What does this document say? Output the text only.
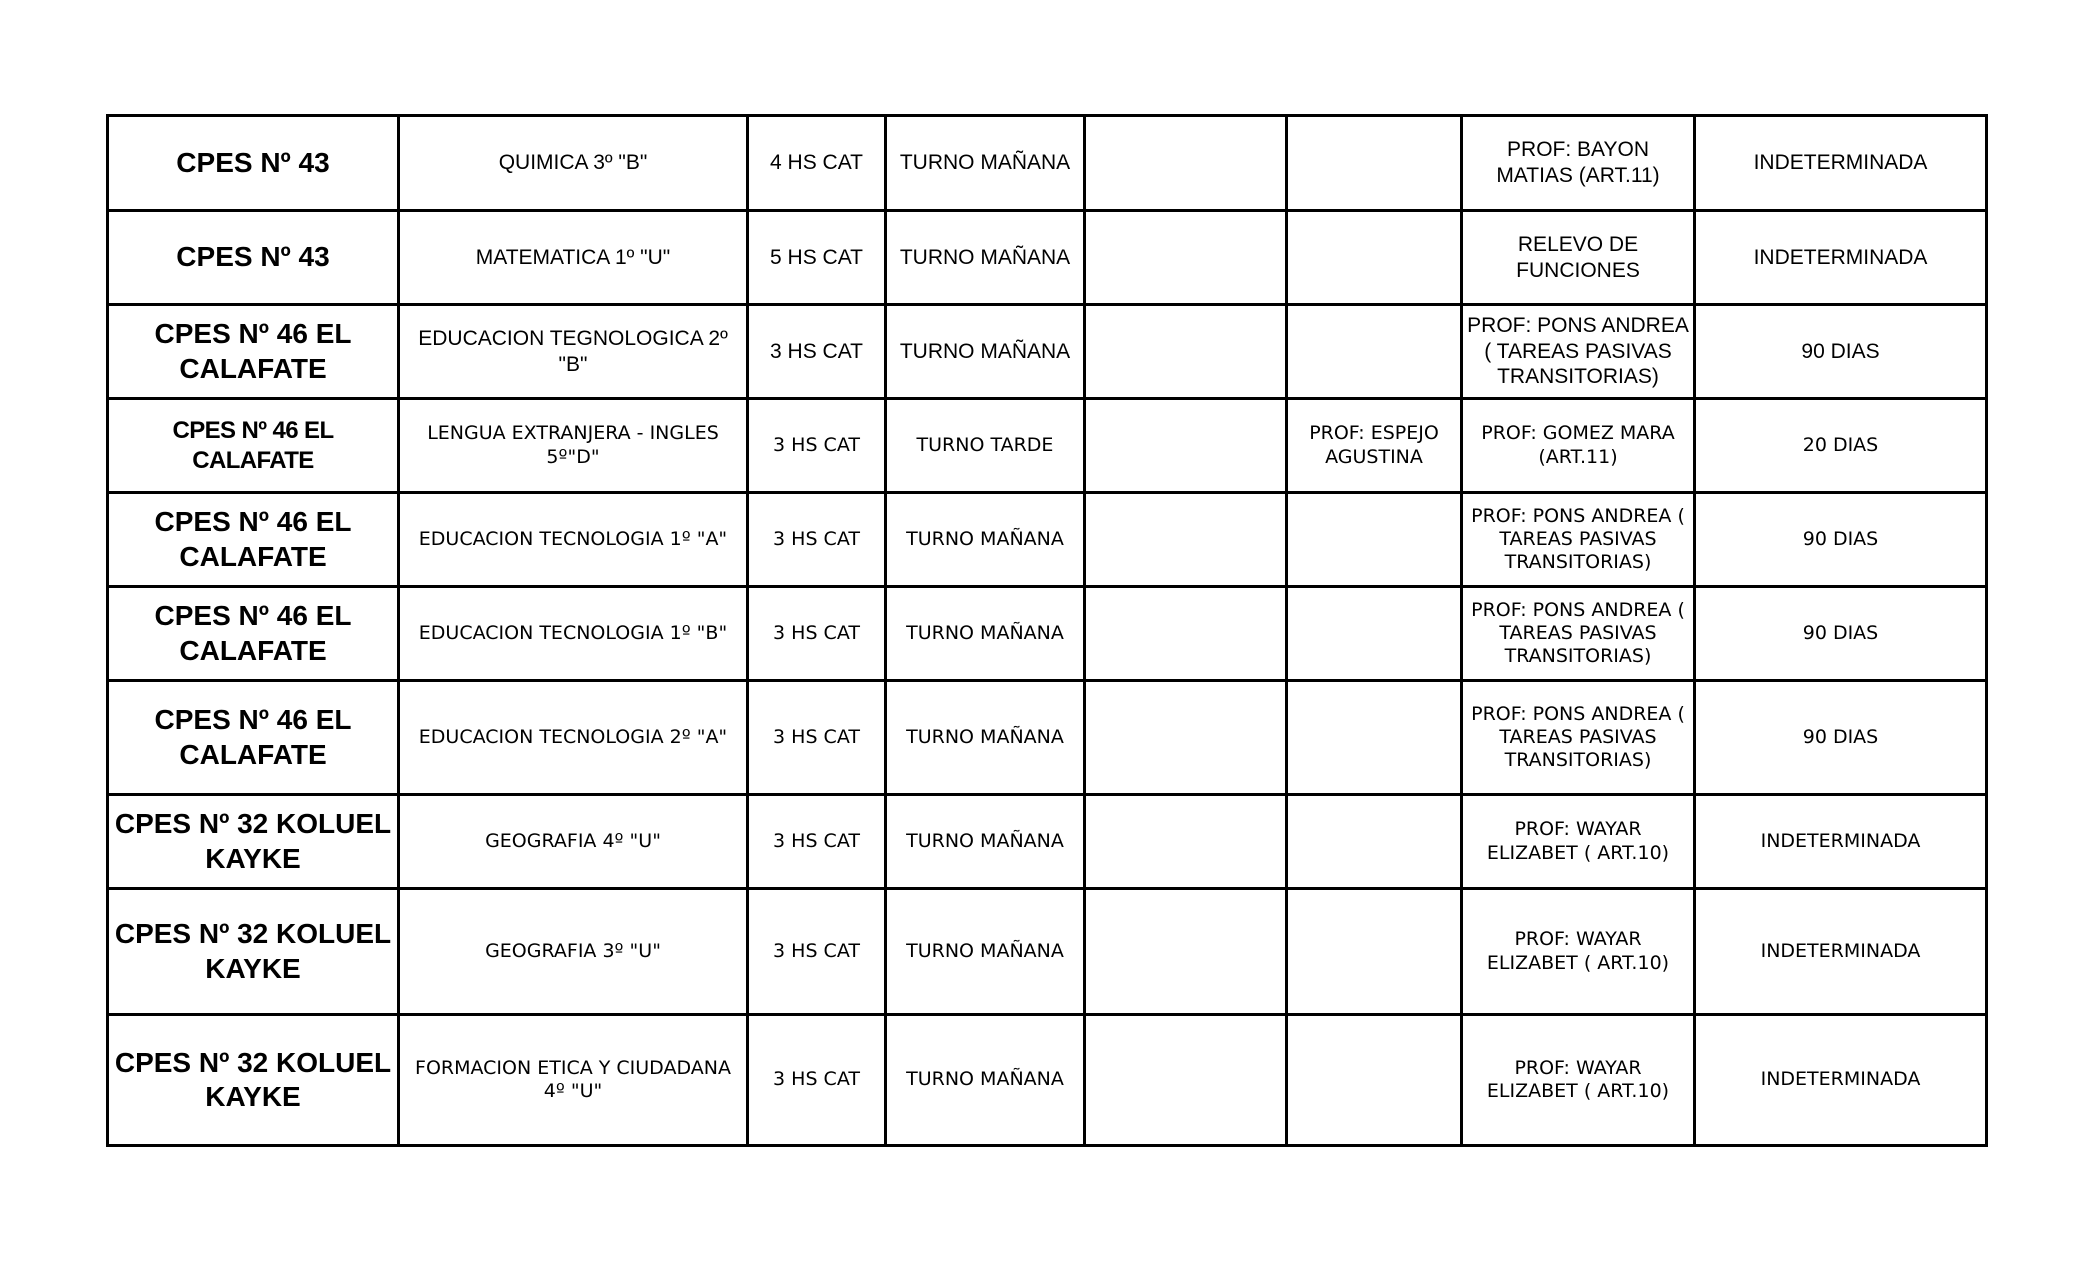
CPES Nº 43	QUIMICA 3º "B"	4 HS CAT	TURNO MAÑANA			PROF: BAYON MATIAS (ART.11)	INDETERMINADA
CPES Nº 43	MATEMATICA 1º "U"	5 HS CAT	TURNO MAÑANA			RELEVO DE FUNCIONES	INDETERMINADA
CPES Nº 46 EL CALAFATE	EDUCACION TEGNOLOGICA 2º "B"	3 HS CAT	TURNO MAÑANA			PROF: PONS ANDREA ( TAREAS PASIVAS TRANSITORIAS)	90 DIAS
CPES Nº 46 EL CALAFATE	LENGUA EXTRANJERA - INGLES 5º"D"	3 HS CAT	TURNO TARDE		PROF: ESPEJO AGUSTINA	PROF: GOMEZ MARA (ART.11)	20 DIAS
CPES Nº 46 EL CALAFATE	EDUCACION TECNOLOGIA 1º "A"	3 HS CAT	TURNO MAÑANA			PROF: PONS ANDREA ( TAREAS PASIVAS TRANSITORIAS)	90 DIAS
CPES Nº 46 EL CALAFATE	EDUCACION TECNOLOGIA 1º "B"	3 HS CAT	TURNO MAÑANA			PROF: PONS ANDREA ( TAREAS PASIVAS TRANSITORIAS)	90 DIAS
CPES Nº 46 EL CALAFATE	EDUCACION TECNOLOGIA 2º "A"	3 HS CAT	TURNO MAÑANA			PROF: PONS ANDREA ( TAREAS PASIVAS TRANSITORIAS)	90 DIAS
CPES Nº 32 KOLUEL KAYKE	GEOGRAFIA 4º "U"	3 HS CAT	TURNO MAÑANA			PROF: WAYAR ELIZABET ( ART.10)	INDETERMINADA
CPES Nº 32 KOLUEL KAYKE	GEOGRAFIA 3º "U"	3 HS CAT	TURNO MAÑANA			PROF: WAYAR ELIZABET ( ART.10)	INDETERMINADA
CPES Nº 32 KOLUEL KAYKE	FORMACION ETICA Y CIUDADANA 4º "U"	3 HS CAT	TURNO MAÑANA			PROF: WAYAR ELIZABET ( ART.10)	INDETERMINADA
